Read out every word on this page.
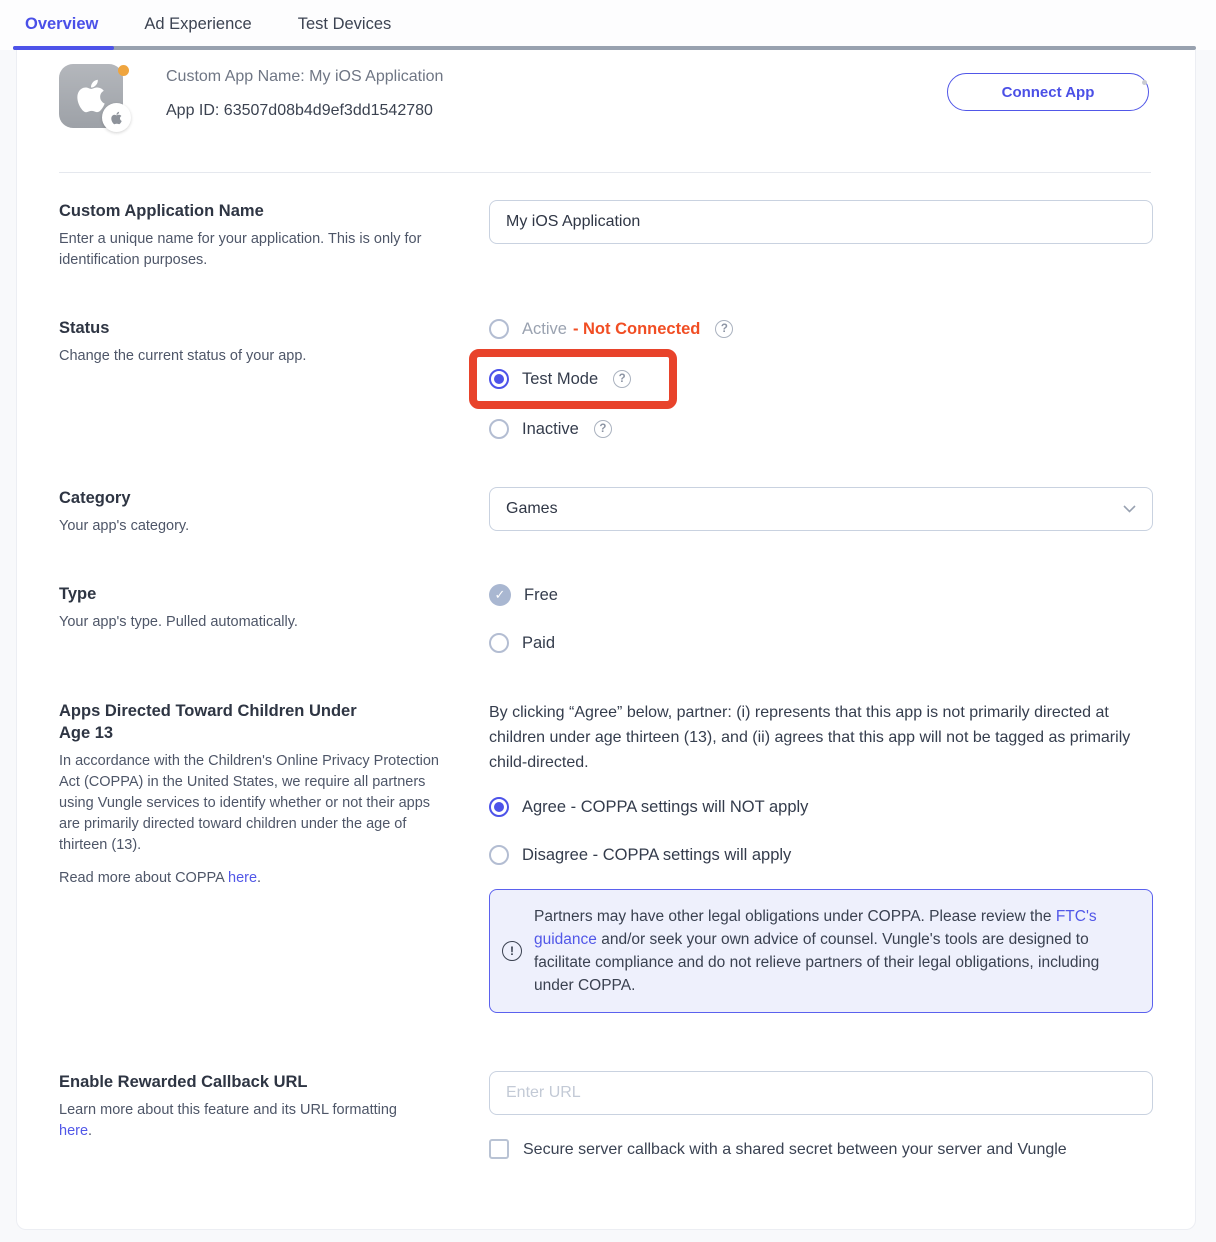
Overview	Ad Experience	Test Devices
Custom App Name: My iOS Application
App ID: 63507d08b4d9ef3dd1542780
Connect App
Custom Application Name

Enter a unique name for your application. This is only for identification purposes.

My iOS Application
Status

Change the current status of your app.

Active - Not Connected	?
Test Mode	?
Inactive	?
Category

Your app's category.

Games
Type

Your app's type. Pulled automatically.

✓	Free
Paid
Apps Directed Toward Children Under
Age 13

In accordance with the Children's Online Privacy Protection Act (COPPA) in the United States, we require all partners using Vungle services to identify whether or not their apps are primarily directed toward children under the age of thirteen (13).

Read more about COPPA here.

By clicking “Agree” below, partner: (i) represents that this app is not primarily directed at children under age thirteen (13), and (ii) agrees that this app will not be tagged as primarily child-directed.

Agree - COPPA settings will NOT apply
Disagree - COPPA settings will apply
!

Partners may have other legal obligations under COPPA. Please review the FTC's guidance and/or seek your own advice of counsel. Vungle's tools are designed to facilitate compliance and do not relieve partners of their legal obligations, including under COPPA.

Enable Rewarded Callback URL

Learn more about this feature and its URL formatting
here.

Enter URL
Secure server callback with a shared secret between your server and Vungle
